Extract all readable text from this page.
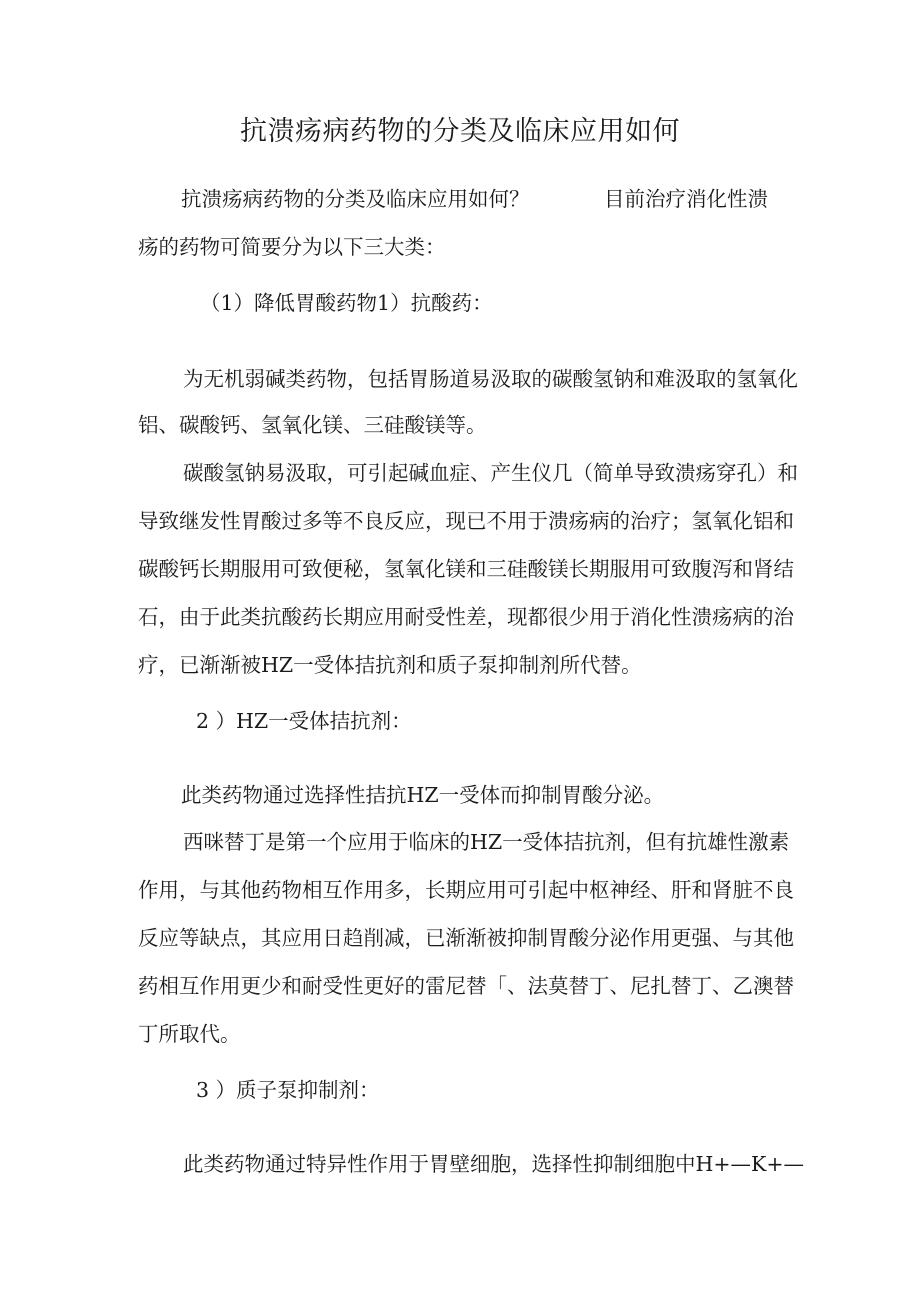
抗溃疡病药物的分类及临床应用如何

抗溃疡病药物的分类及临床应用如何？	目前治疗消化性溃

疡的药物可简要分为以下三大类：

（1）降低胃酸药物1）抗酸药：

为无机弱碱类药物，包括胃肠道易汲取的碳酸氢钠和难汲取的氢氧化

铝、碳酸钙、氢氧化镁、三硅酸镁等。

碳酸氢钠易汲取，可引起碱血症、产生仪几（简单导致溃疡穿孔）和

导致继发性胃酸过多等不良反应，现已不用于溃疡病的治疗；氢氧化铝和

碳酸钙长期服用可致便秘，氢氧化镁和三硅酸镁长期服用可致腹泻和肾结

石，由于此类抗酸药长期应用耐受性差，现都很少用于消化性溃疡病的治

疗，已渐渐被HZ一受体拮抗剂和质子泵抑制剂所代替。

2 ）HZ一受体拮抗剂：

此类药物通过选择性拮抗HZ一受体而抑制胃酸分泌。

西咪替丁是第一个应用于临床的HZ一受体拮抗剂，但有抗雄性激素

作用，与其他药物相互作用多，长期应用可引起中枢神经、肝和肾脏不良

反应等缺点，其应用日趋削减，已渐渐被抑制胃酸分泌作用更强、与其他

药相互作用更少和耐受性更好的雷尼替「、法莫替丁、尼扎替丁、乙澳替

丁所取代。

3 ）质子泵抑制剂：

此类药物通过特异性作用于胃壁细胞，选择性抑制细胞中H+—K+—
